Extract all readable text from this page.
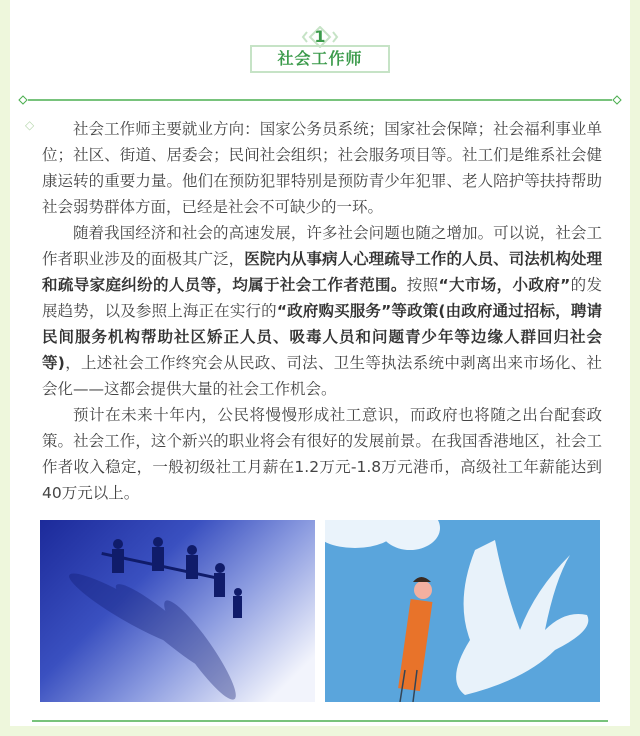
1
社会工作师
◇	社会工作师主要就业方向：国家公务员系统；国家社会保障；社会福利事业单位；社区、街道、居委会；民间社会组织；社会服务项目等。社工们是维系社会健康运转的重要力量。他们在预防犯罪特别是预防青少年犯罪、老人陪护等扶持帮助社会弱势群体方面，已经是社会不可缺少的一环。

随着我国经济和社会的高速发展，许多社会问题也随之增加。可以说，社会工作者职业涉及的面极其广泛，医院内从事病人心理疏导工作的人员、司法机构处理和疏导家庭纠纷的人员等，均属于社会工作者范围。按照“大市场，小政府”的发展趋势，以及参照上海正在实行的“政府购买服务”等政策(由政府通过招标，聘请民间服务机构帮助社区矫正人员、吸毒人员和问题青少年等边缘人群回归社会等)，上述社会工作终究会从民政、司法、卫生等执法系统中剥离出来市场化、社会化——这都会提供大量的社会工作机会。

预计在未来十年内，公民将慢慢形成社工意识，而政府也将随之出台配套政策。社会工作，这个新兴的职业将会有很好的发展前景。在我国香港地区，社会工作者收入稳定，一般初级社工月薪在1.2万元-1.8万元港币，高级社工年薪能达到40万元以上。
